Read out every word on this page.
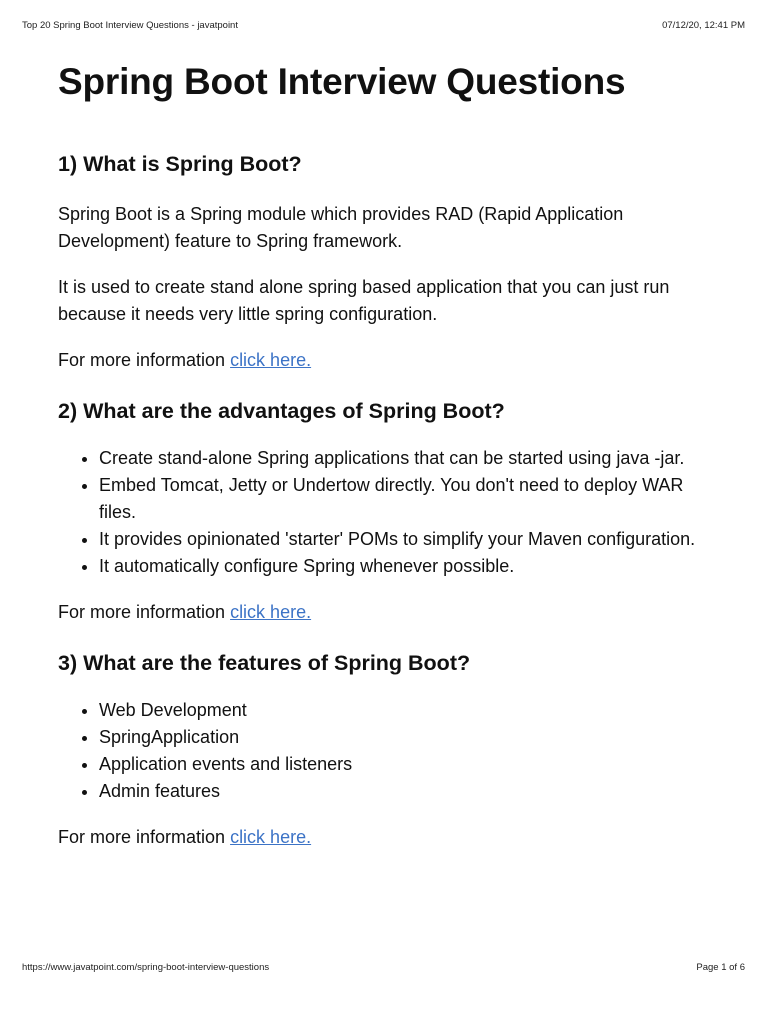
Top 20 Spring Boot Interview Questions - javatpoint	07/12/20, 12:41 PM
Spring Boot Interview Questions
1) What is Spring Boot?

Spring Boot is a Spring module which provides RAD (Rapid Application Development) feature to Spring framework.

It is used to create stand alone spring based application that you can just run because it needs very little spring configuration.

For more information click here.

2) What are the advantages of Spring Boot?
• Create stand-alone Spring applications that can be started using java -jar.
• Embed Tomcat, Jetty or Undertow directly. You don't need to deploy WAR files.
• It provides opinionated 'starter' POMs to simplify your Maven configuration.
• It automatically configure Spring whenever possible.

For more information click here.

3) What are the features of Spring Boot?
• Web Development
• SpringApplication
• Application events and listeners
• Admin features

For more information click here.

https://www.javatpoint.com/spring-boot-interview-questions	Page 1 of 6
